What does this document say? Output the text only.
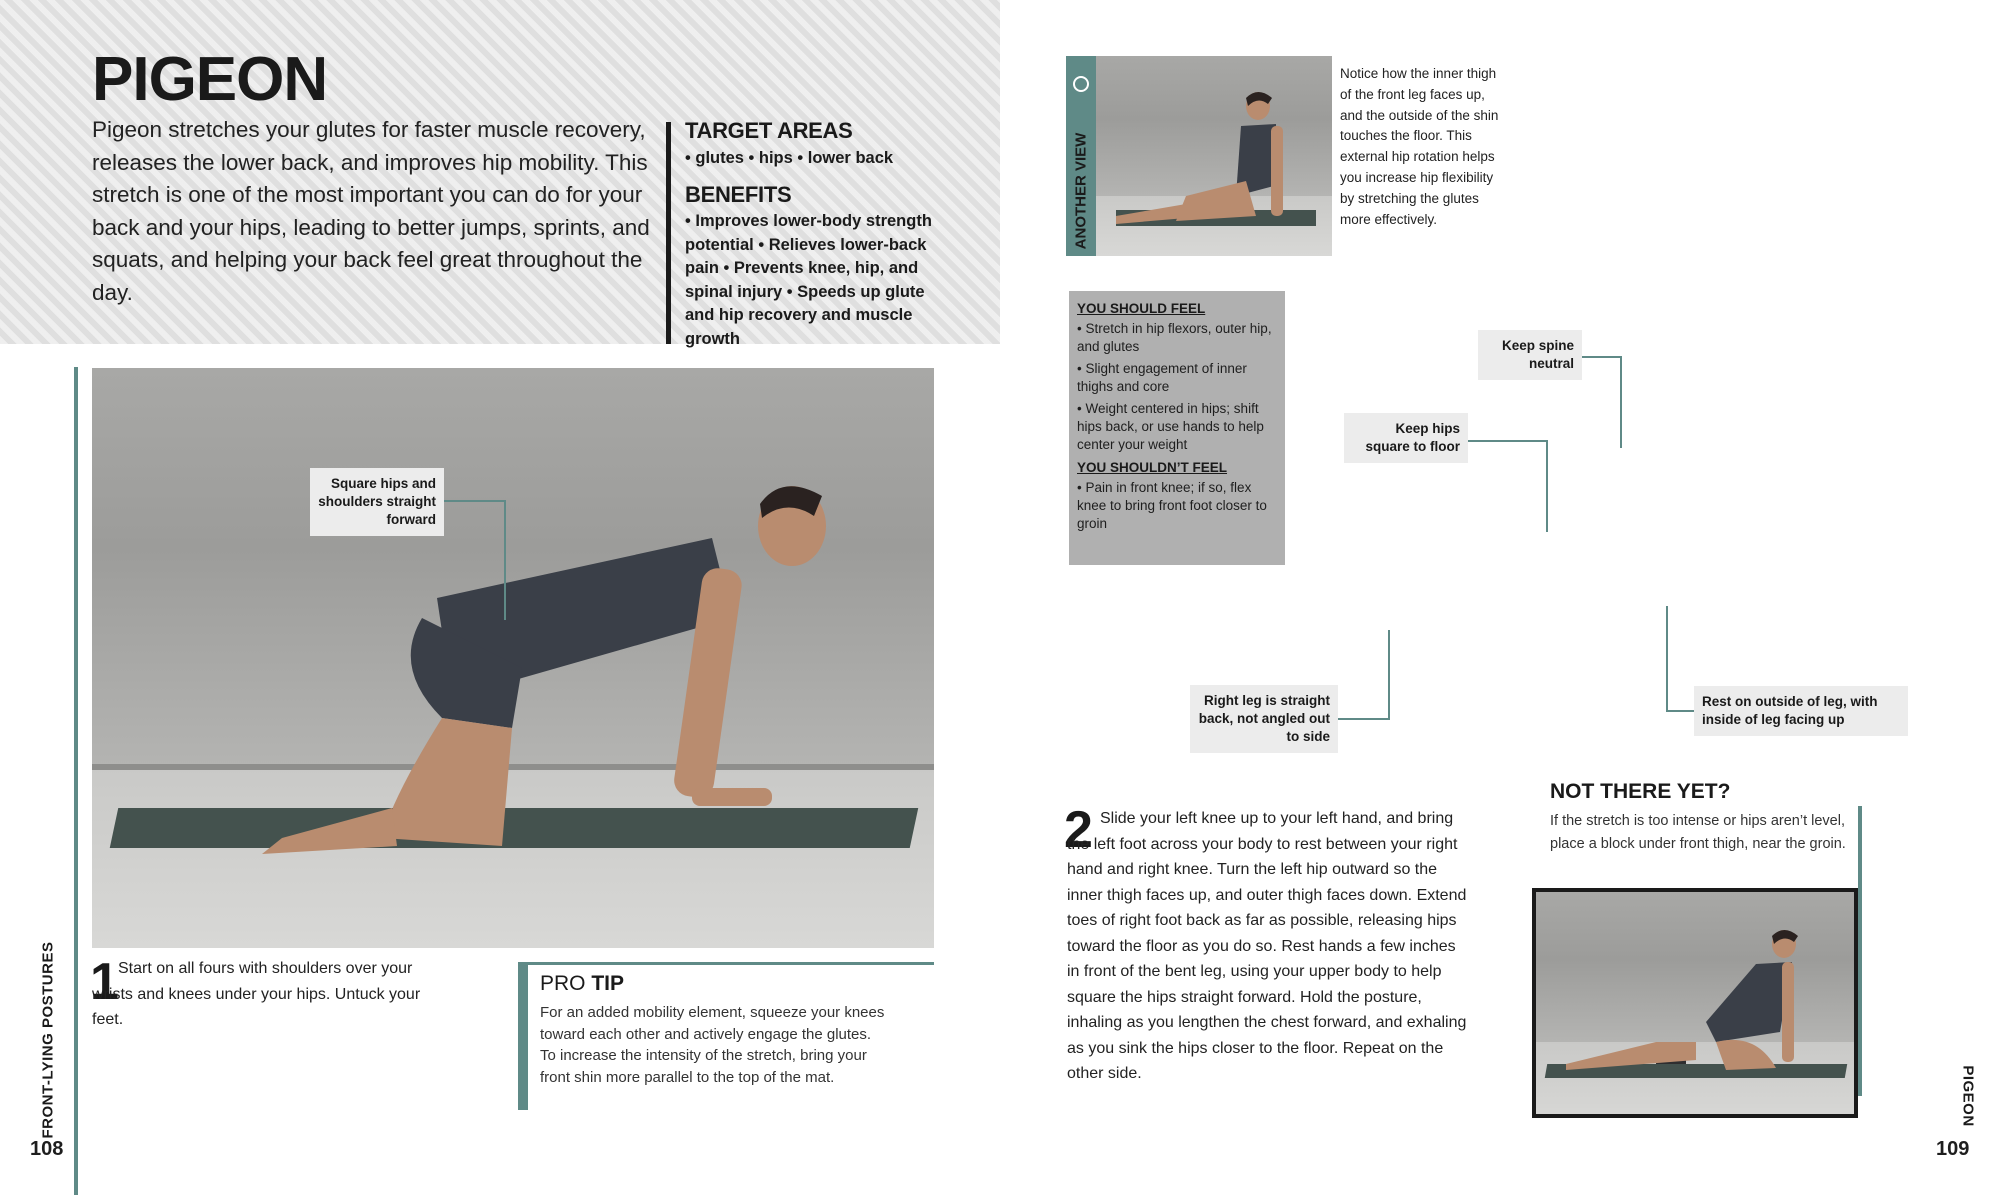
PIGEON
Pigeon stretches your glutes for faster muscle recovery, releases the lower back, and improves hip mobility. This stretch is one of the most important you can do for your back and your hips, leading to better jumps, sprints, and squats, and helping your back feel great throughout the day.
TARGET AREAS
• glutes • hips • lower back
BENEFITS
• Improves lower-body strength potential • Relieves lower-back pain • Prevents knee, hip, and spinal injury • Speeds up glute and hip recovery and muscle growth
FRONT-LYING POSTURES
108
Square hips and shoulders straight forward
1 Start on all fours with shoulders over your wrists and knees under your hips. Untuck your feet.
PRO TIP
For an added mobility element, squeeze your knees toward each other and actively engage the glutes. To increase the intensity of the stretch, bring your front shin more parallel to the top of the mat.
ANOTHER VIEW
Notice how the inner thigh of the front leg faces up, and the outside of the shin touches the floor. This external hip rotation helps you increase hip flexibility by stretching the glutes more effectively.
YOU SHOULD FEEL
• Stretch in hip flexors, outer hip, and glutes
• Slight engagement of inner thighs and core
• Weight centered in hips; shift hips back, or use hands to help center your weight
YOU SHOULDN’T FEEL
• Pain in front knee; if so, flex knee to bring front foot closer to groin
Keep spine neutral
Keep hips square to floor
Right leg is straight back, not angled out to side
Rest on outside of leg, with inside of leg facing up
2 Slide your left knee up to your left hand, and bring the left foot across your body to rest between your right hand and right knee. Turn the left hip outward so the inner thigh faces up, and outer thigh faces down. Extend toes of right foot back as far as possible, releasing hips toward the floor as you do so. Rest hands a few inches in front of the bent leg, using your upper body to help square the hips straight forward. Hold the posture, inhaling as you lengthen the chest forward, and exhaling as you sink the hips closer to the floor. Repeat on the other side.
NOT THERE YET?
If the stretch is too intense or hips aren’t level, place a block under front thigh, near the groin.
PIGEON
109
